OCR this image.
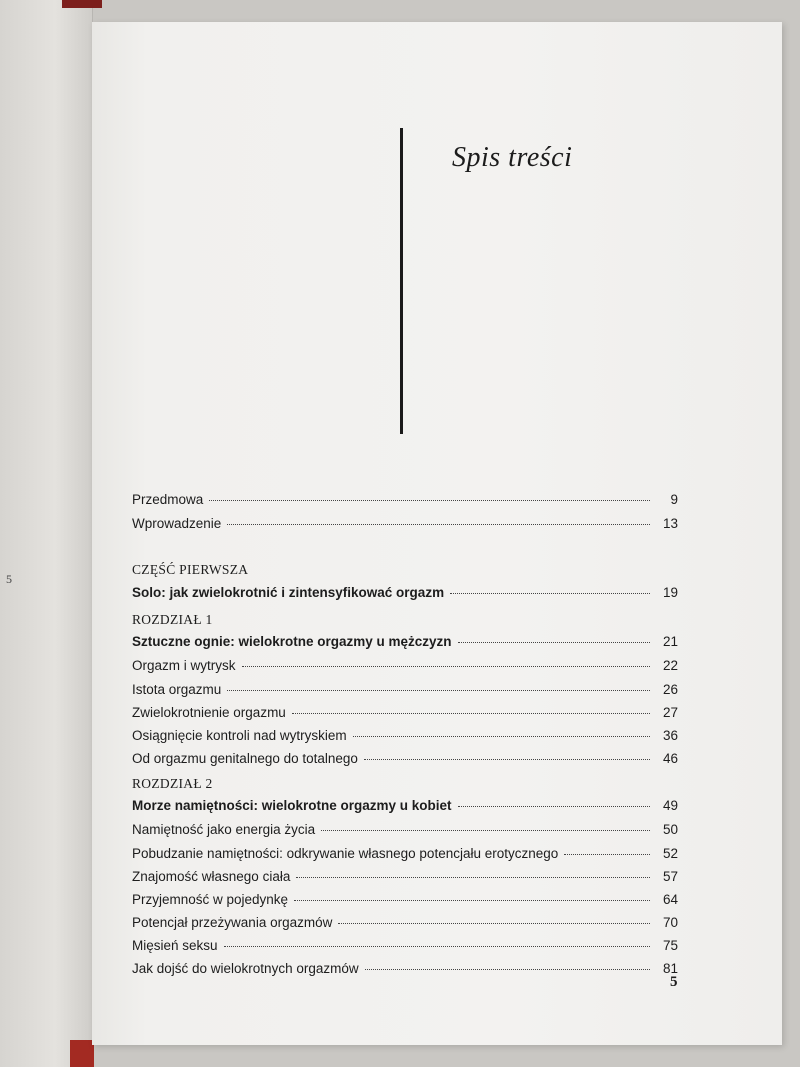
5
Spis treści
Przedmowa	9
Wprowadzenie	13
CZĘŚĆ PIERWSZA
Solo: jak zwielokrotnić i zintensyfikować orgazm	19
ROZDZIAŁ 1
Sztuczne ognie: wielokrotne orgazmy u mężczyzn	21
Orgazm i wytrysk	22
Istota orgazmu	26
Zwielokrotnienie orgazmu	27
Osiągnięcie kontroli nad wytryskiem	36
Od orgazmu genitalnego do totalnego	46
ROZDZIAŁ 2
Morze namiętności: wielokrotne orgazmy u kobiet	49
Namiętność jako energia życia	50
Pobudzanie namiętności: odkrywanie własnego potencjału erotycznego	52
Znajomość własnego ciała	57
Przyjemność w pojedynkę	64
Potencjał przeżywania orgazmów	70
Mięsień seksu	75
Jak dojść do wielokrotnych orgazmów	81
5
